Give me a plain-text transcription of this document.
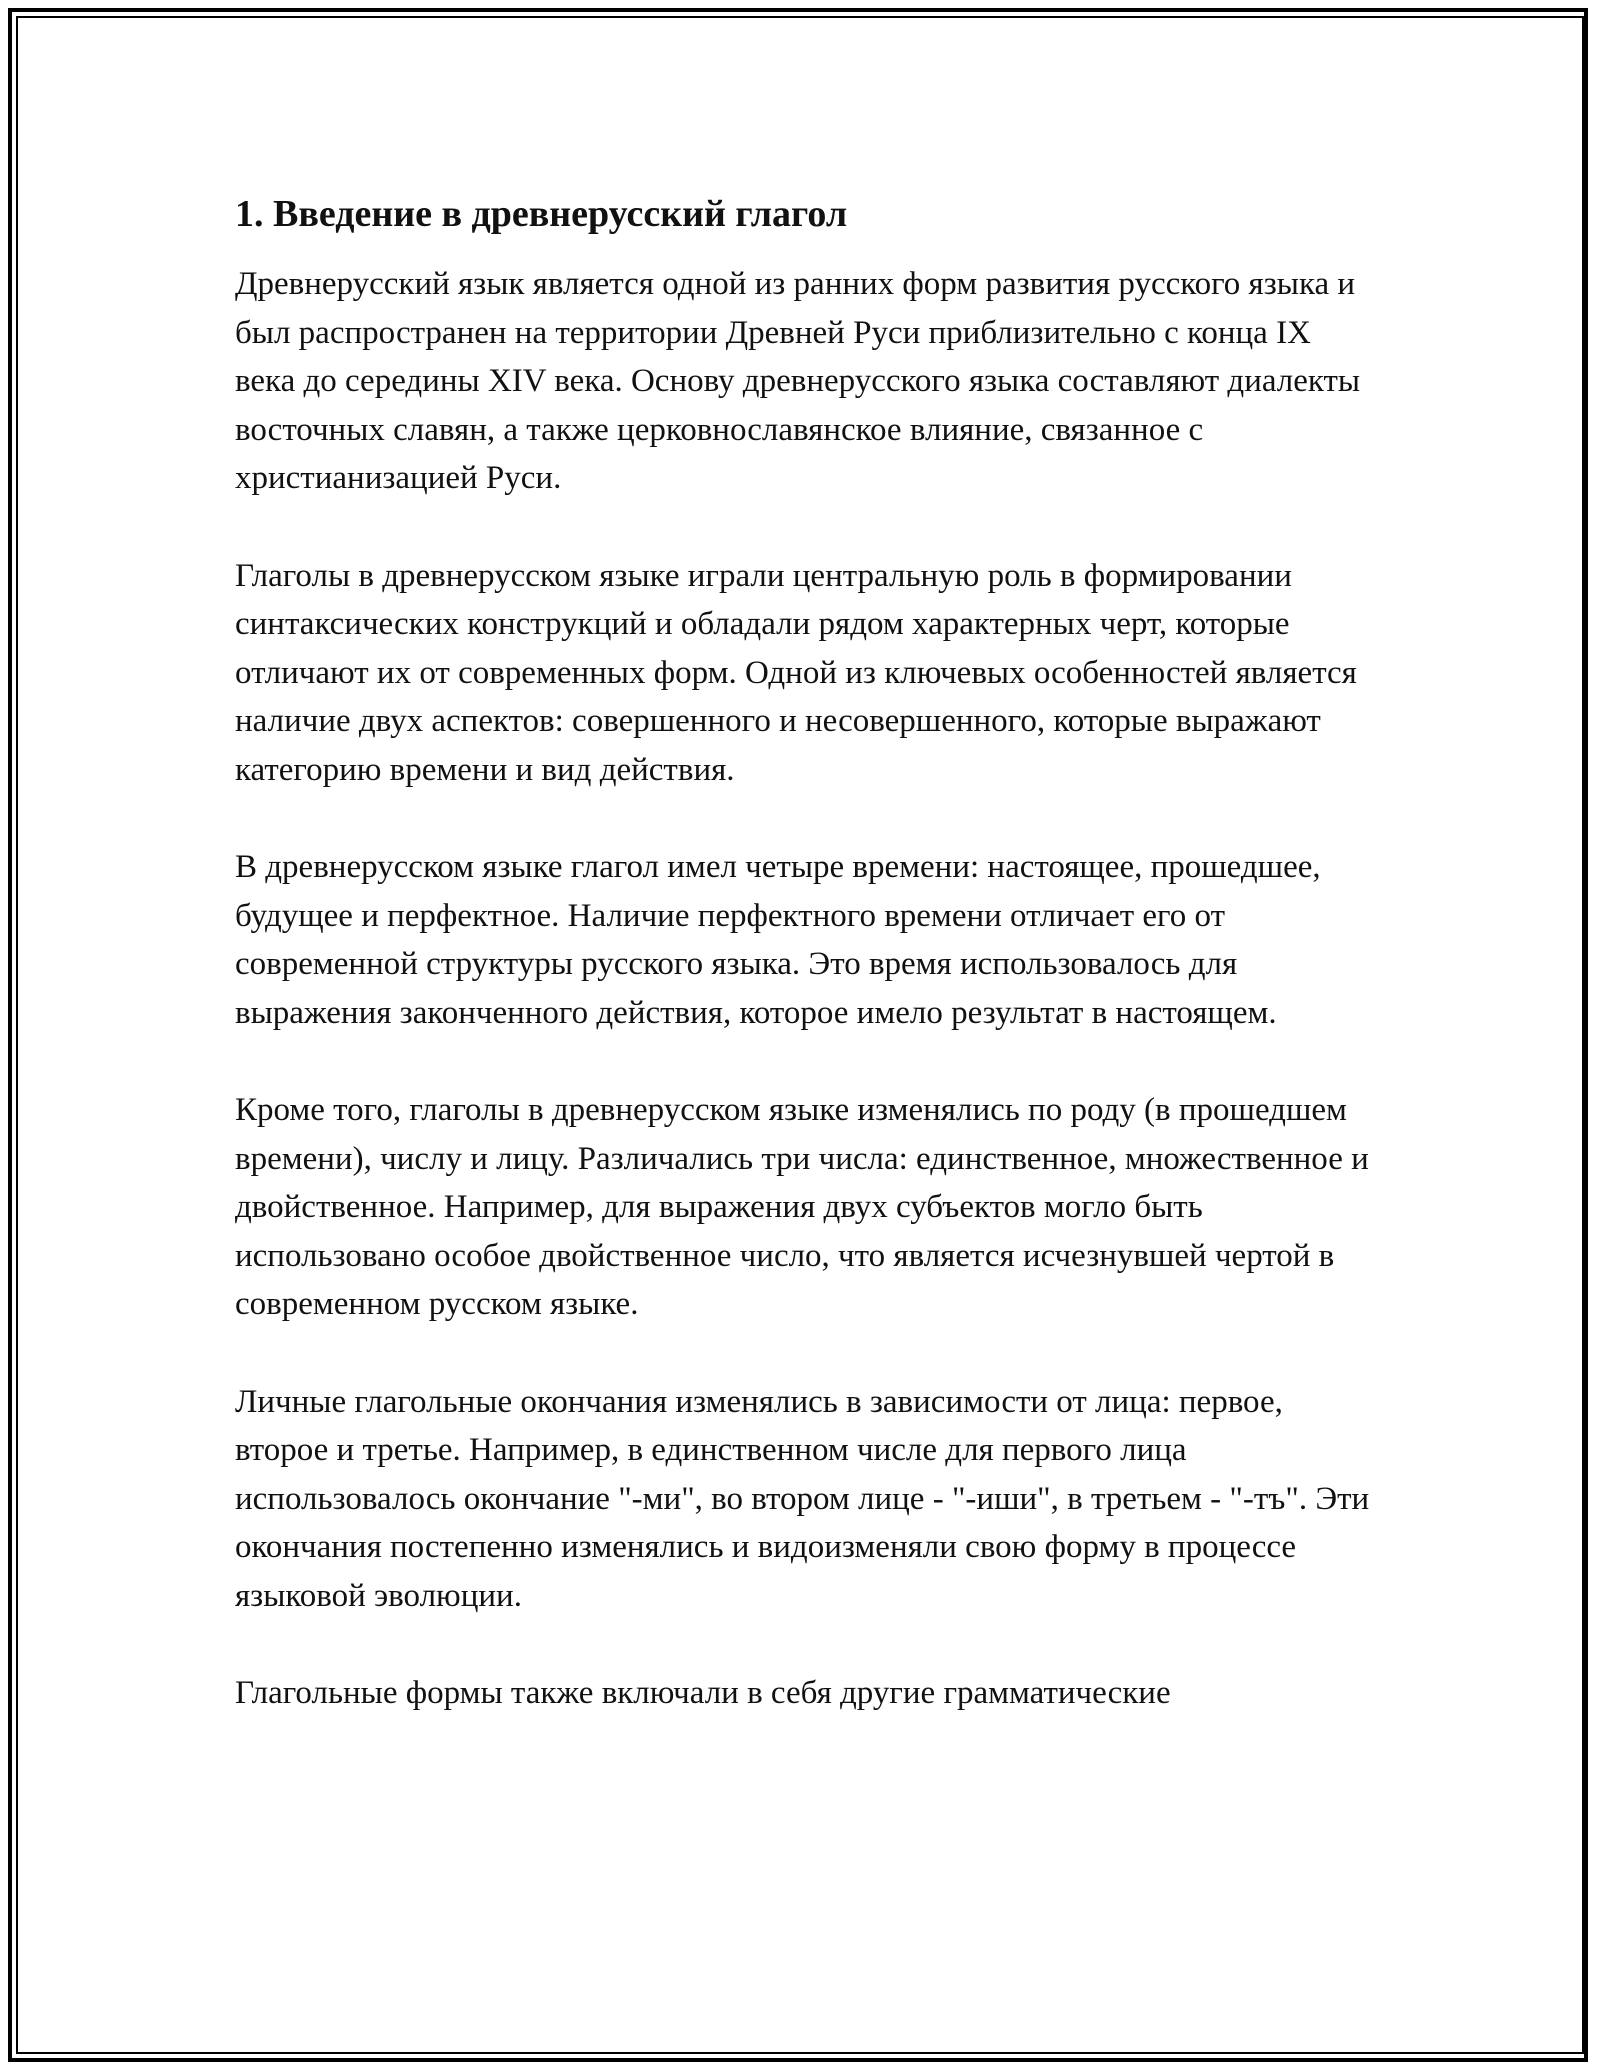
1. Введение в древнерусский глагол

Древнерусский язык является одной из ранних форм развития русского языка и был распространен на территории Древней Руси приблизительно с конца IX века до середины XIV века. Основу древнерусского языка составляют диалекты восточных славян, а также церковнославянское влияние, связанное с христианизацией Руси.

Глаголы в древнерусском языке играли центральную роль в формировании синтаксических конструкций и обладали рядом характерных черт, которые отличают их от современных форм. Одной из ключевых особенностей является наличие двух аспектов: совершенного и несовершенного, которые выражают категорию времени и вид действия.

В древнерусском языке глагол имел четыре времени: настоящее, прошедшее, будущее и перфектное. Наличие перфектного времени отличает его от современной структуры русского языка. Это время использовалось для выражения законченного действия, которое имело результат в настоящем.

Кроме того, глаголы в древнерусском языке изменялись по роду (в прошедшем времени), числу и лицу. Различались три числа: единственное, множественное и двойственное. Например, для выражения двух субъектов могло быть использовано особое двойственное число, что является исчезнувшей чертой в современном русском языке.

Личные глагольные окончания изменялись в зависимости от лица: первое, второе и третье. Например, в единственном числе для первого лица использовалось окончание "-ми", во втором лице - "-иши", в третьем - "-тъ". Эти окончания постепенно изменялись и видоизменяли свою форму в процессе языковой эволюции.

Глагольные формы также включали в себя другие грамматические
